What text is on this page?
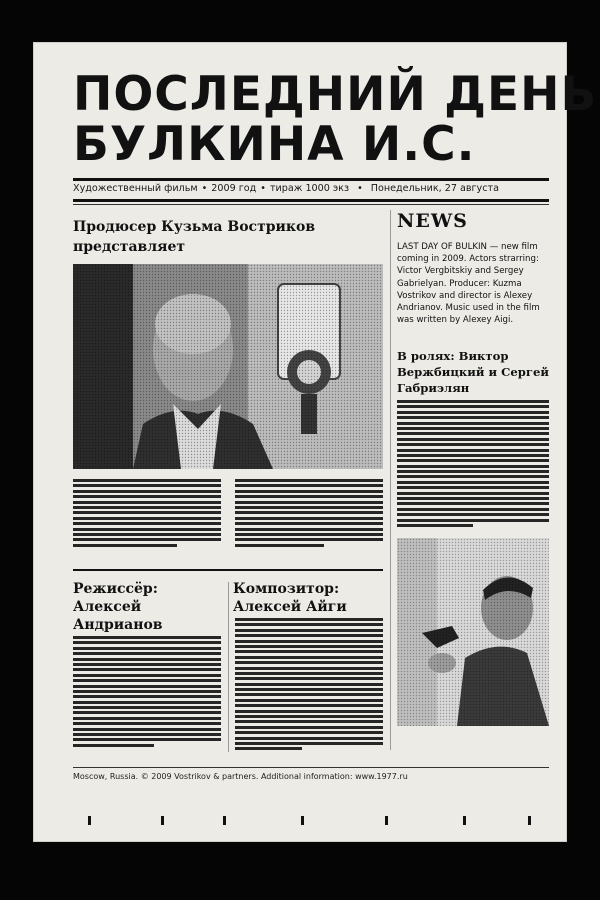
ПОСЛЕДНИЙ ДЕНЬ
БУЛКИНА И.С.
Художественный фильм • 2009 год • тираж 1000 экз • Понедельник, 27 августа
Продюсер Кузьма Востриков представляет
NEWS
LAST DAY OF BULKIN — new film coming in 2009. Actors strarring: Victor Vergbitskiy and Sergey Gabrielyan. Producer: Kuzma Vostrikov and director is Alexey Andrianov. Music used in the film was written by Alexey Aigi.
В ролях: Виктор Вержбицкий и Сергей Габриэлян
Режиссёр: Алексей Андрианов
Композитор: Алексей Айги
Moscow, Russia. © 2009 Vostrikov & partners. Additional information: www.1977.ru
